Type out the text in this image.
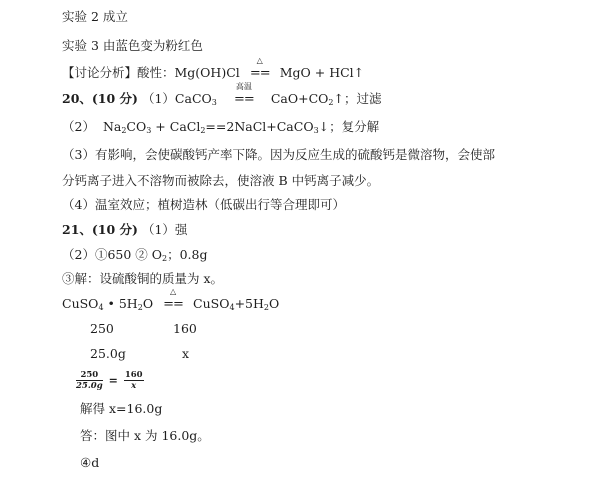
实验 2 成立
实验 3 由蓝色变为粉红色
【讨论分析】酸性：Mg(OH)Cl
△
== MgO + HCl↑
20、(10 分) （1）CaCO$_3$
高温
== $CaO+CO_2↑$；过滤
（2） $Na_2CO_3$ + CaCl$_2$==2NaCl+CaCO$_3$↓；复分解
（3）有影响，会使碳酸钙产率下降。因为反应生成的硫酸钙是微溶物，会使部
分钙离子进入不溶物而被除去，使溶液 B 中钙离子减少。
（4）温室效应；植树造林（低碳出行等合理即可）
21、(10 分) （1）强
（2）①650 ② $O_2$；0.8g
③解：设硫酸铜的质量为 x。
CuSO$_4$ • $5H_2O$
△
== $CuSO_4+5H_2O$
250	160
25.0g	x
$\frac{250}{25.0g} = \frac{160}{x}$
解得 x=16.0g
答：图中 x 为 16.0g。
④d
